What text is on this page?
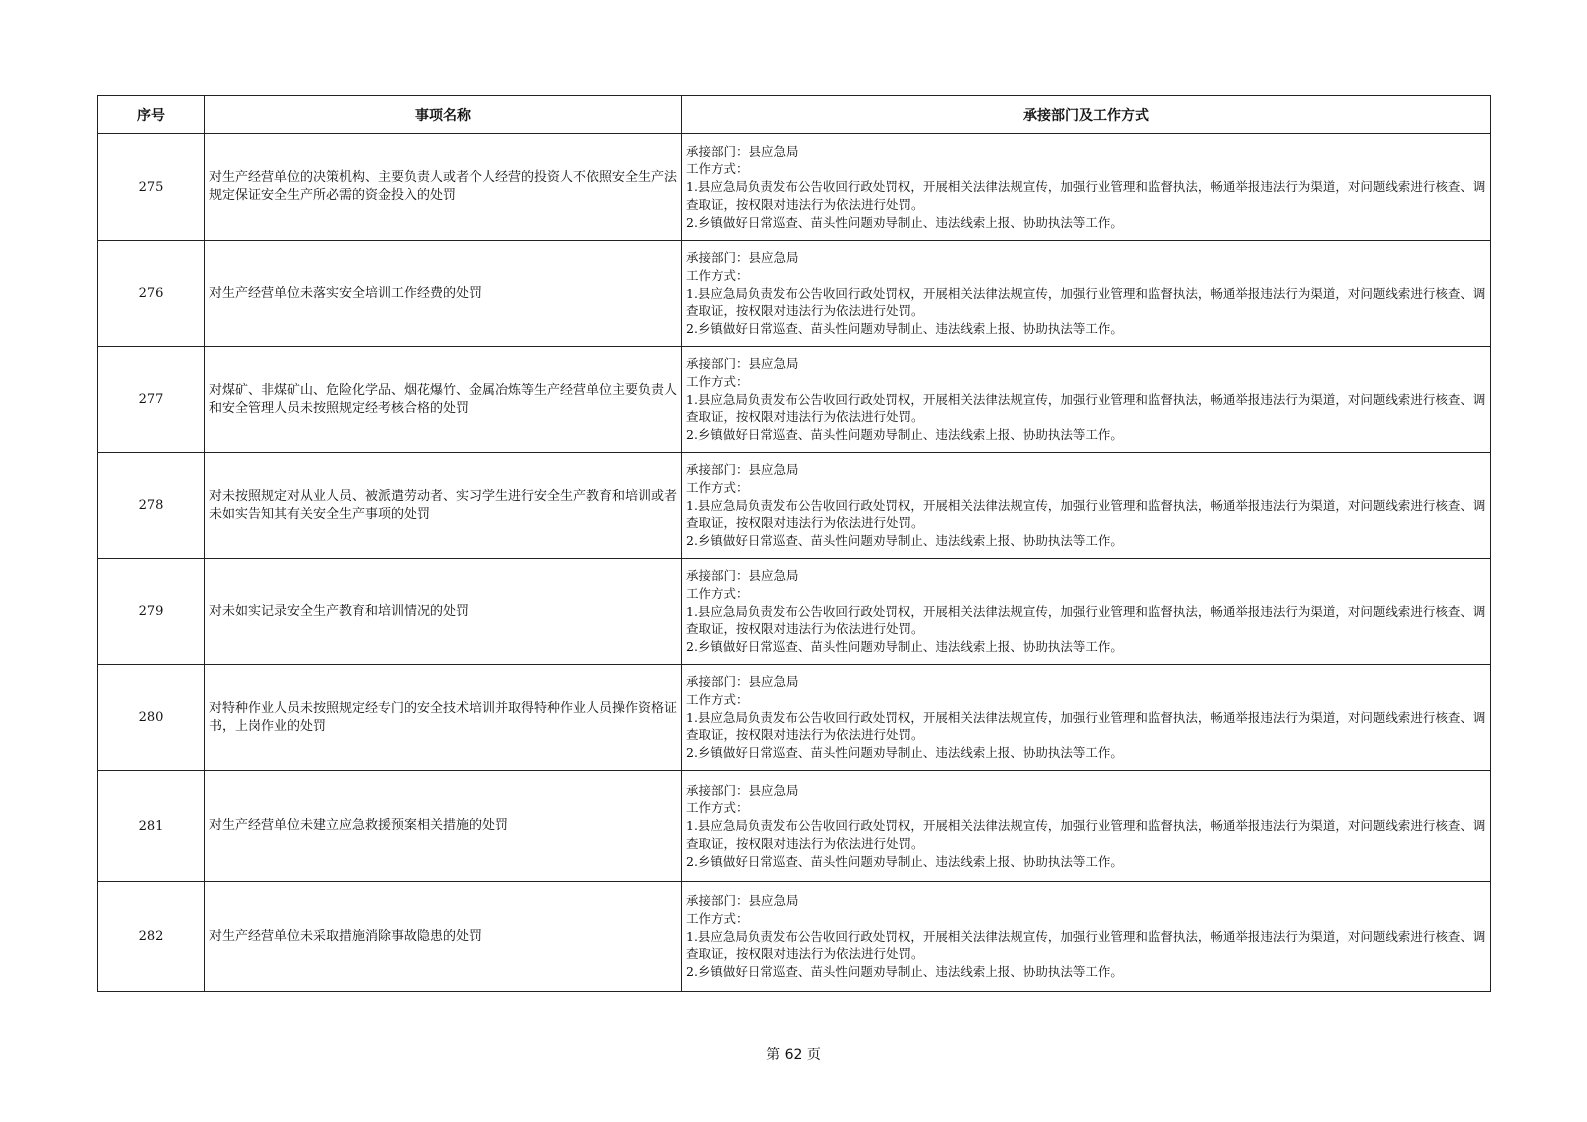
序号	事项名称	承接部门及工作方式
275	对生产经营单位的决策机构、主要负责人或者个人经营的投资人不依照安全生产法规定保证安全生产所必需的资金投入的处罚	承接部门：县应急局
工作方式：
1.县应急局负责发布公告收回行政处罚权，开展相关法律法规宣传，加强行业管理和监督执法，畅通举报违法行为渠道，对问题线索进行核查、调查取证，按权限对违法行为依法进行处罚。
2.乡镇做好日常巡查、苗头性问题劝导制止、违法线索上报、协助执法等工作。

276	对生产经营单位未落实安全培训工作经费的处罚	承接部门：县应急局
工作方式：
1.县应急局负责发布公告收回行政处罚权，开展相关法律法规宣传，加强行业管理和监督执法，畅通举报违法行为渠道，对问题线索进行核查、调查取证，按权限对违法行为依法进行处罚。
2.乡镇做好日常巡查、苗头性问题劝导制止、违法线索上报、协助执法等工作。

277	对煤矿、非煤矿山、危险化学品、烟花爆竹、金属冶炼等生产经营单位主要负责人和安全管理人员未按照规定经考核合格的处罚	承接部门：县应急局
工作方式：
1.县应急局负责发布公告收回行政处罚权，开展相关法律法规宣传，加强行业管理和监督执法，畅通举报违法行为渠道，对问题线索进行核查、调查取证，按权限对违法行为依法进行处罚。
2.乡镇做好日常巡查、苗头性问题劝导制止、违法线索上报、协助执法等工作。

278	对未按照规定对从业人员、被派遣劳动者、实习学生进行安全生产教育和培训或者未如实告知其有关安全生产事项的处罚	承接部门：县应急局
工作方式：
1.县应急局负责发布公告收回行政处罚权，开展相关法律法规宣传，加强行业管理和监督执法，畅通举报违法行为渠道，对问题线索进行核查、调查取证，按权限对违法行为依法进行处罚。
2.乡镇做好日常巡查、苗头性问题劝导制止、违法线索上报、协助执法等工作。

279	对未如实记录安全生产教育和培训情况的处罚	承接部门：县应急局
工作方式：
1.县应急局负责发布公告收回行政处罚权，开展相关法律法规宣传，加强行业管理和监督执法，畅通举报违法行为渠道，对问题线索进行核查、调查取证，按权限对违法行为依法进行处罚。
2.乡镇做好日常巡查、苗头性问题劝导制止、违法线索上报、协助执法等工作。

280	对特种作业人员未按照规定经专门的安全技术培训并取得特种作业人员操作资格证书，上岗作业的处罚	承接部门：县应急局
工作方式：
1.县应急局负责发布公告收回行政处罚权，开展相关法律法规宣传，加强行业管理和监督执法，畅通举报违法行为渠道，对问题线索进行核查、调查取证，按权限对违法行为依法进行处罚。
2.乡镇做好日常巡查、苗头性问题劝导制止、违法线索上报、协助执法等工作。

281	对生产经营单位未建立应急救援预案相关措施的处罚	承接部门：县应急局
工作方式：
1.县应急局负责发布公告收回行政处罚权，开展相关法律法规宣传，加强行业管理和监督执法，畅通举报违法行为渠道，对问题线索进行核查、调查取证，按权限对违法行为依法进行处罚。
2.乡镇做好日常巡查、苗头性问题劝导制止、违法线索上报、协助执法等工作。

282	对生产经营单位未采取措施消除事故隐患的处罚	承接部门：县应急局
工作方式：
1.县应急局负责发布公告收回行政处罚权，开展相关法律法规宣传，加强行业管理和监督执法，畅通举报违法行为渠道，对问题线索进行核查、调查取证，按权限对违法行为依法进行处罚。
2.乡镇做好日常巡查、苗头性问题劝导制止、违法线索上报、协助执法等工作。
第 62 页
